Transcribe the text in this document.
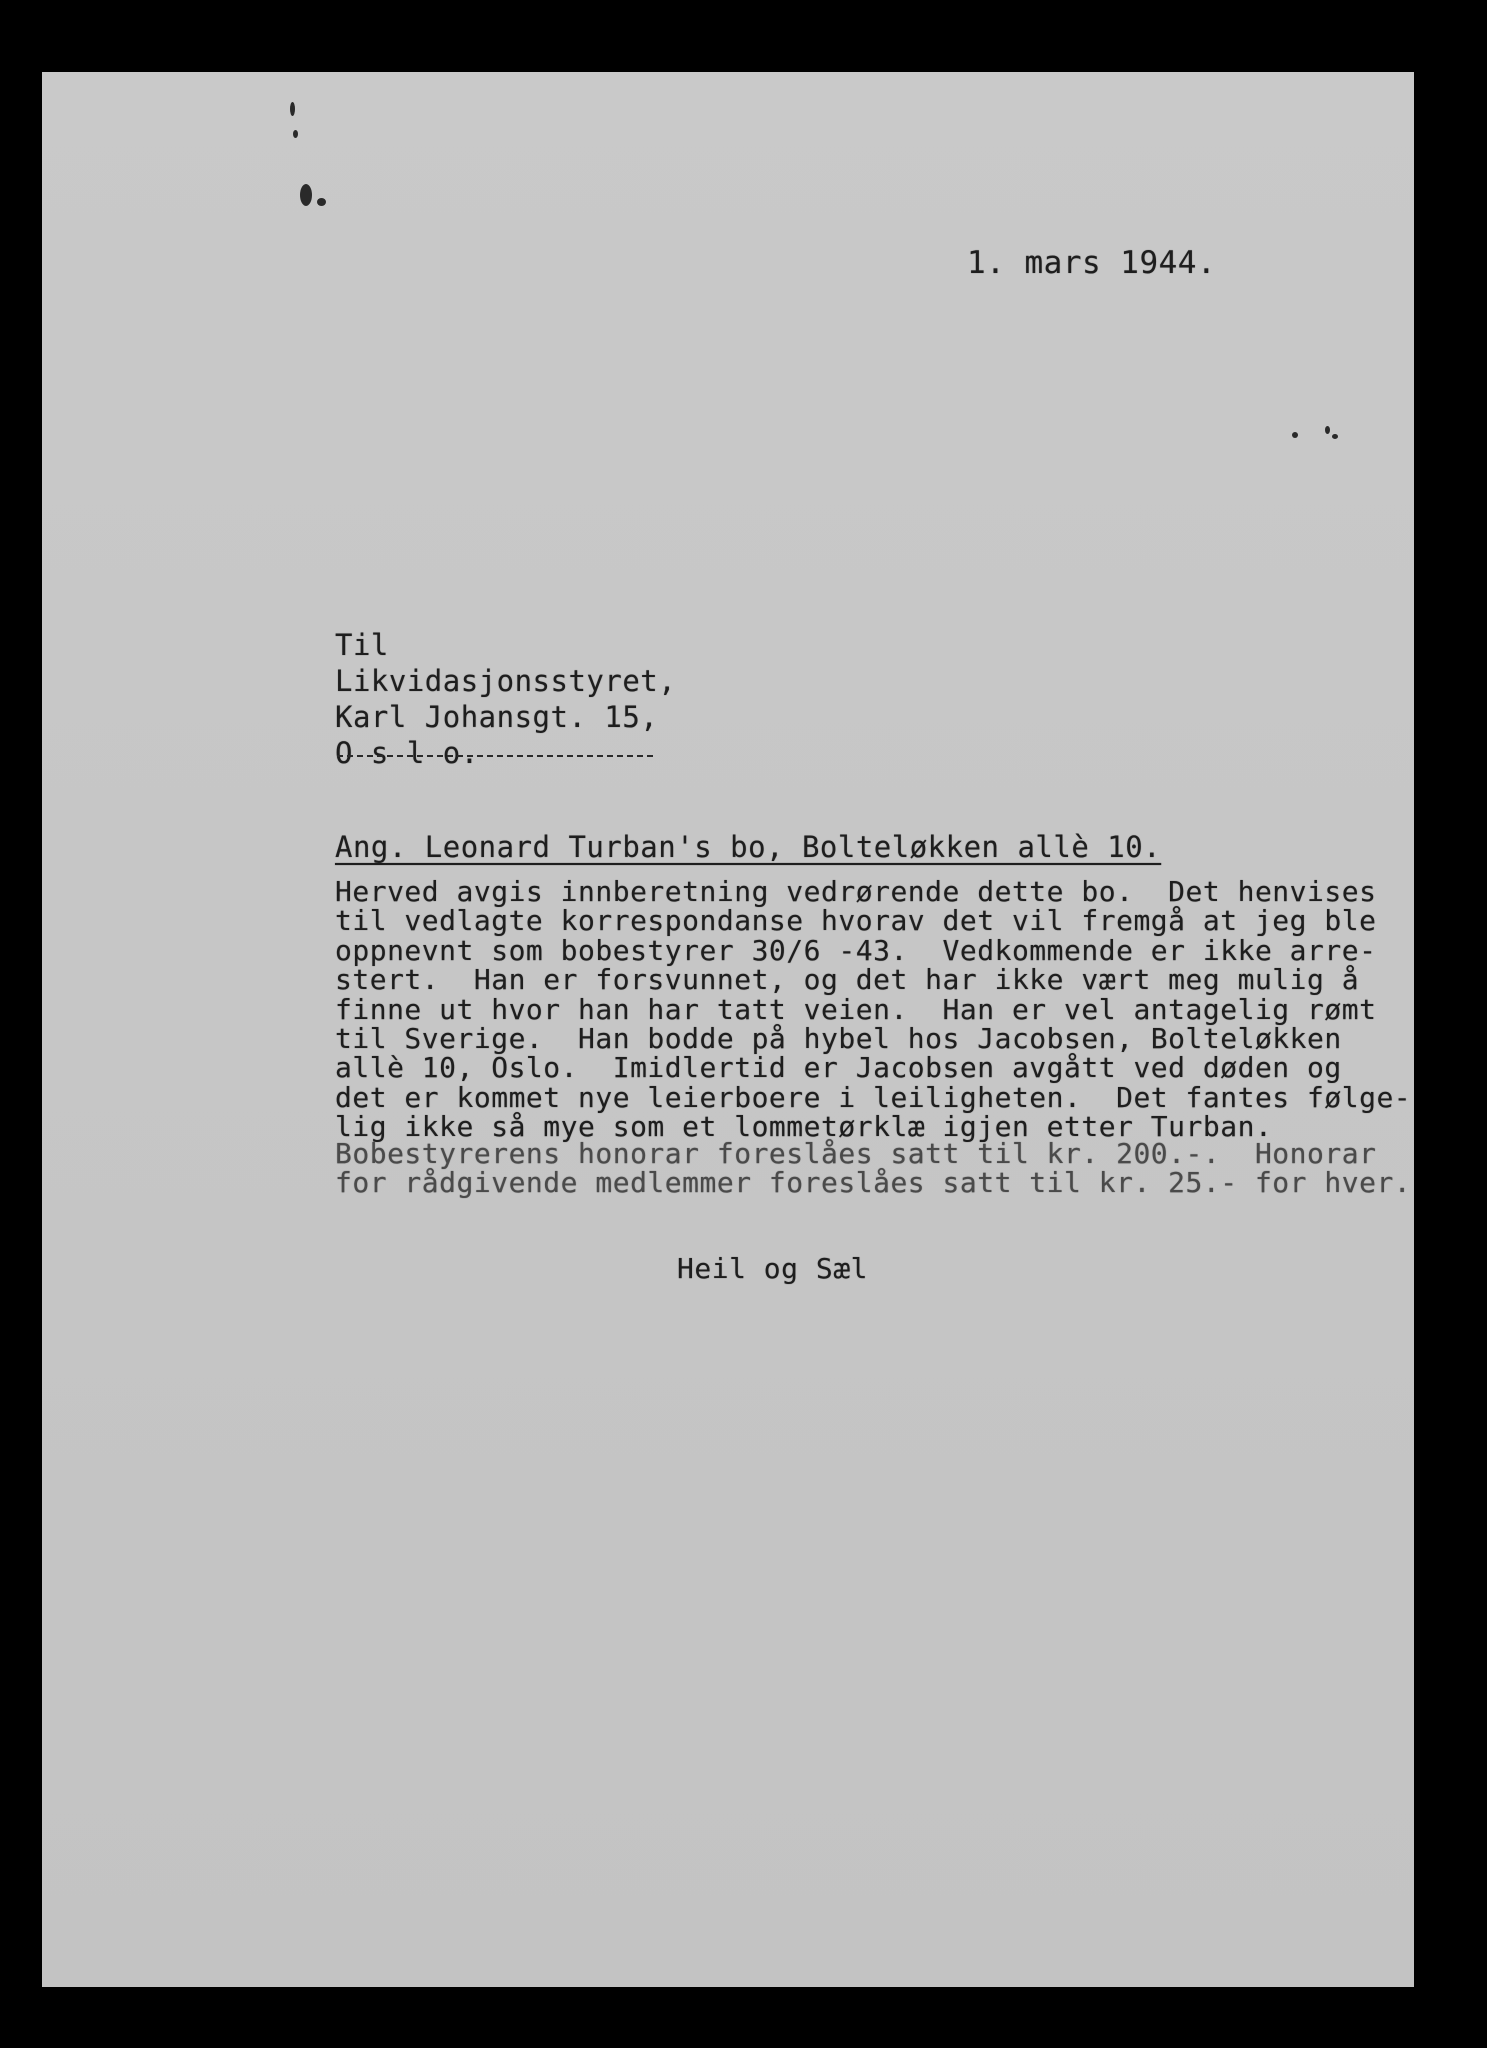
1. mars 1944.
Til
Likvidasjonsstyret,
Karl Johansgt. 15,
O s l o.
Ang. Leonard Turban's bo, Bolteløkken allè 10.
Herved avgis innberetning vedrørende dette bo.  Det henvises
til vedlagte korrespondanse hvorav det vil fremgå at jeg ble
oppnevnt som bobestyrer 30/6 -43.  Vedkommende er ikke arre-
stert.  Han er forsvunnet, og det har ikke vært meg mulig å
finne ut hvor han har tatt veien.  Han er vel antagelig rømt
til Sverige.  Han bodde på hybel hos Jacobsen, Bolteløkken
allè 10, Oslo.  Imidlertid er Jacobsen avgått ved døden og
det er kommet nye leierboere i leiligheten.  Det fantes følge-
lig ikke så mye som et lommetørklæ igjen etter Turban.
Bobestyrerens honorar foreslåes satt til kr. 200.-.  Honorar
for rådgivende medlemmer foreslåes satt til kr. 25.- for hver.
Heil og Sæl
